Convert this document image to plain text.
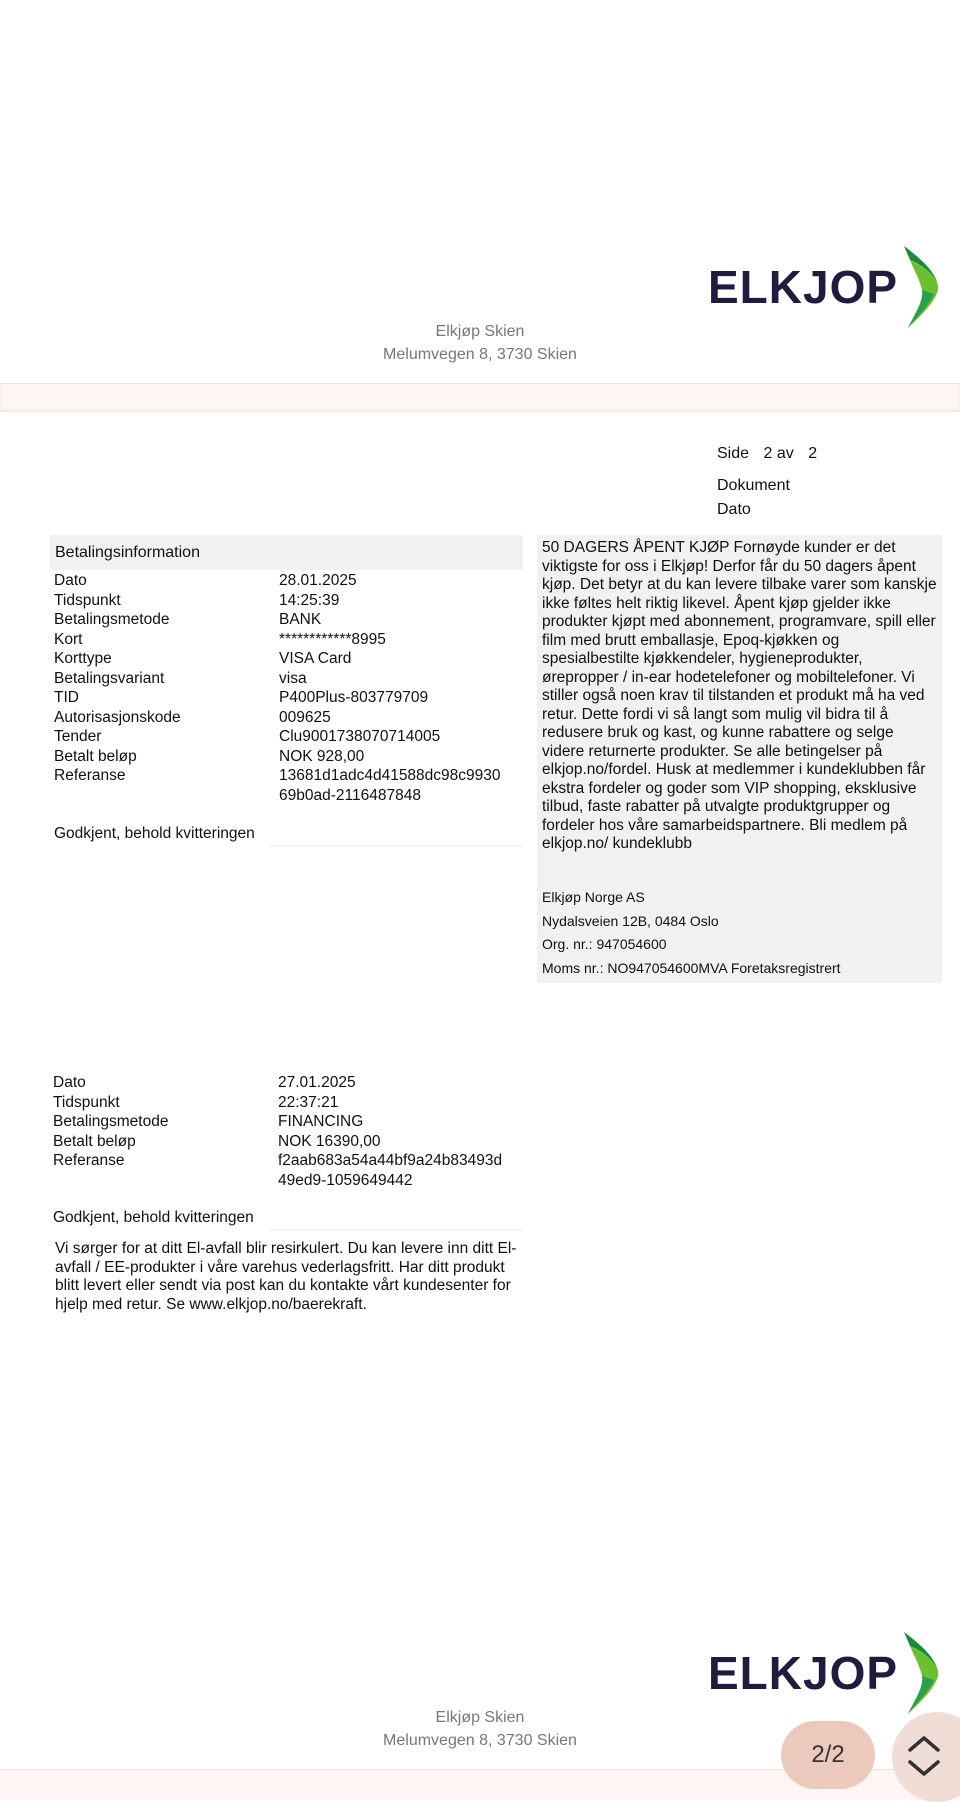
ELKJOP
Elkjøp Skien
Melumvegen 8, 3730 Skien
Side 2 av 2
Dokument
Dato
Betalingsinformation
Dato	28.01.2025
Tidspunkt	14:25:39
Betalingsmetode	BANK
Kort	************8995
Korttype	VISA Card
Betalingsvariant	visa
TID	P400Plus-803779709
Autorisasjonskode	009625
Tender	Clu9001738070714005
Betalt beløp	NOK 928,00
Referanse	13681d1adc4d41588dc98c9930
69b0ad-2116487848
Godkjent, behold kvitteringen

50 DAGERS ÅPENT KJØP Fornøyde kunder er det viktigste for oss i Elkjøp! Derfor får du 50 dagers åpent kjøp. Det betyr at du kan levere tilbake varer som kanskje ikke føltes helt riktig likevel. Åpent kjøp gjelder ikke produkter kjøpt med abonnement, programvare, spill eller film med brutt emballasje, Epoq-kjøkken og spesialbestilte kjøkkendeler, hygieneprodukter, ørepropper / in-ear hodetelefoner og mobiltelefoner. Vi stiller også noen krav til tilstanden et produkt må ha ved retur. Dette fordi vi så langt som mulig vil bidra til å redusere bruk og kast, og kunne rabattere og selge videre returnerte produkter. Se alle betingelser på elkjop.no/fordel. Husk at medlemmer i kundeklubben får ekstra fordeler og goder som VIP shopping, eksklusive tilbud, faste rabatter på utvalgte produktgrupper og fordeler hos våre samarbeidspartnere. Bli medlem på elkjop.no/ kundeklubb

Elkjøp Norge AS
Nydalsveien 12B, 0484 Oslo
Org. nr.: 947054600
Moms nr.: NO947054600MVA Foretaksregistrert
Dato	27.01.2025
Tidspunkt	22:37:21
Betalingsmetode	FINANCING
Betalt beløp	NOK 16390,00
Referanse	f2aab683a54a44bf9a24b83493d
49ed9-1059649442
Godkjent, behold kvitteringen
Vi sørger for at ditt El-avfall blir resirkulert. Du kan levere inn ditt El-avfall / EE-produkter i våre varehus vederlagsfritt. Har ditt produkt blitt levert eller sendt via post kan du kontakte vårt kundesenter for hjelp med retur. Se www.elkjop.no/baerekraft.
ELKJOP
Elkjøp Skien
Melumvegen 8, 3730 Skien
2/2
